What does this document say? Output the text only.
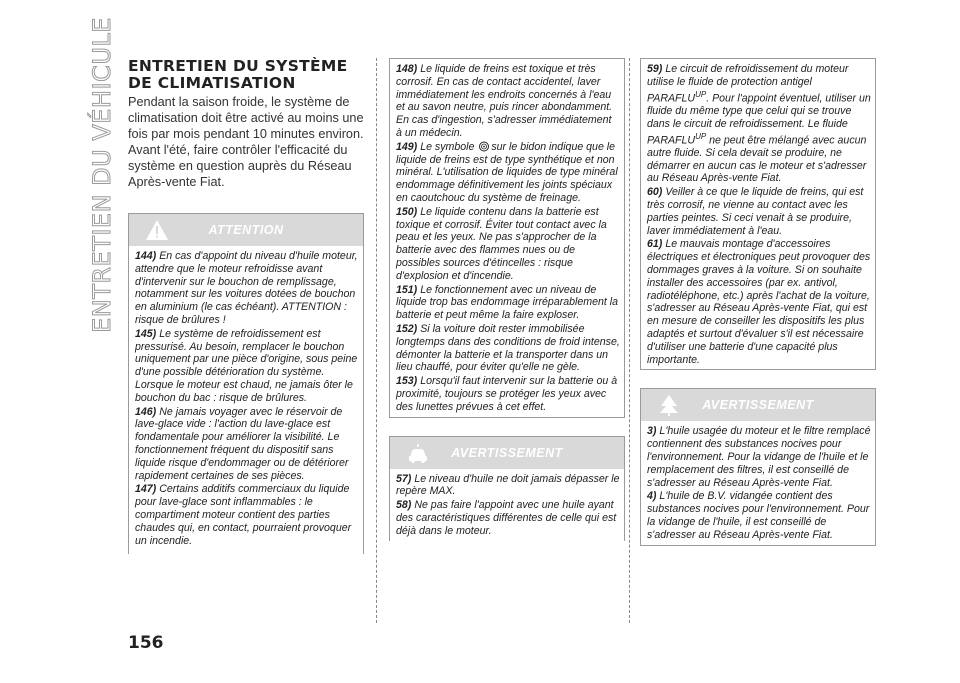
ENTRETIEN DU VÉHICULE ENTRETIEN DU SYSTÈME DE CLIMATISATION

Pendant la saison froide, le système de climatisation doit être activé au moins une fois par mois pendant 10 minutes environ. Avant l'été, faire contrôler l'efficacité du système en question auprès du Réseau Après-vente Fiat.

ATTENTION

144) En cas d'appoint du niveau d'huile moteur, attendre que le moteur refroidisse avant d'intervenir sur le bouchon de remplissage, notamment sur les voitures dotées de bouchon en aluminium (le cas échéant). ATTENTION : risque de brûlures !

145) Le système de refroidissement est pressurisé. Au besoin, remplacer le bouchon uniquement par une pièce d'origine, sous peine d'une possible détérioration du système. Lorsque le moteur est chaud, ne jamais ôter le bouchon du bac : risque de brûlures.

146) Ne jamais voyager avec le réservoir de lave-glace vide : l'action du lave-glace est fondamentale pour améliorer la visibilité. Le fonctionnement fréquent du dispositif sans liquide risque d'endommager ou de détériorer rapidement certaines de ses pièces.

147) Certains additifs commerciaux du liquide pour lave-glace sont inflammables : le compartiment moteur contient des parties chaudes qui, en contact, pourraient provoquer un incendie.

148) Le liquide de freins est toxique et très corrosif. En cas de contact accidentel, laver immédiatement les endroits concernés à l'eau et au savon neutre, puis rincer abondamment. En cas d'ingestion, s'adresser immédiatement à un médecin.

149) Le symbole sur le bidon indique que le liquide de freins est de type synthétique et non minéral. L'utilisation de liquides de type minéral endommage définitivement les joints spéciaux en caoutchouc du système de freinage.

150) Le liquide contenu dans la batterie est toxique et corrosif. Éviter tout contact avec la peau et les yeux. Ne pas s'approcher de la batterie avec des flammes nues ou de possibles sources d'étincelles : risque d'explosion et d'incendie.

151) Le fonctionnement avec un niveau de liquide trop bas endommage irréparablement la batterie et peut même la faire exploser.

152) Si la voiture doit rester immobilisée longtemps dans des conditions de froid intense, démonter la batterie et la transporter dans un lieu chauffé, pour éviter qu'elle ne gèle.

153) Lorsqu'il faut intervenir sur la batterie ou à proximité, toujours se protéger les yeux avec des lunettes prévues à cet effet.

AVERTISSEMENT

57) Le niveau d'huile ne doit jamais dépasser le repère MAX.

58) Ne pas faire l'appoint avec une huile ayant des caractéristiques différentes de celle qui est déjà dans le moteur.

59) Le circuit de refroidissement du moteur utilise le fluide de protection antigel $PARAFLU^{UP}$. Pour l'appoint éventuel, utiliser un fluide du même type que celui qui se trouve dans le circuit de refroidissement. Le fluide $PARAFLU^{UP}$ ne peut être mélangé avec aucun autre fluide. Si cela devait se produire, ne démarrer en aucun cas le moteur et s'adresser au Réseau Après-vente Fiat.

60) Veiller à ce que le liquide de freins, qui est très corrosif, ne vienne au contact avec les parties peintes. Si ceci venait à se produire, laver immédiatement à l'eau.

61) Le mauvais montage d'accessoires électriques et électroniques peut provoquer des dommages graves à la voiture. Si on souhaite installer des accessoires (par ex. antivol, radiotéléphone, etc.) après l'achat de la voiture, s'adresser au Réseau Après-vente Fiat, qui est en mesure de conseiller les dispositifs les plus adaptés et surtout d'évaluer s'il est nécessaire d'utiliser une batterie d'une capacité plus importante.

AVERTISSEMENT

3) L'huile usagée du moteur et le filtre remplacé contiennent des substances nocives pour l'environnement. Pour la vidange de l'huile et le remplacement des filtres, il est conseillé de s'adresser au Réseau Après-vente Fiat.

4) L'huile de B.V. vidangée contient des substances nocives pour l'environnement. Pour la vidange de l'huile, il est conseillé de s'adresser au Réseau Après-vente Fiat.

156
